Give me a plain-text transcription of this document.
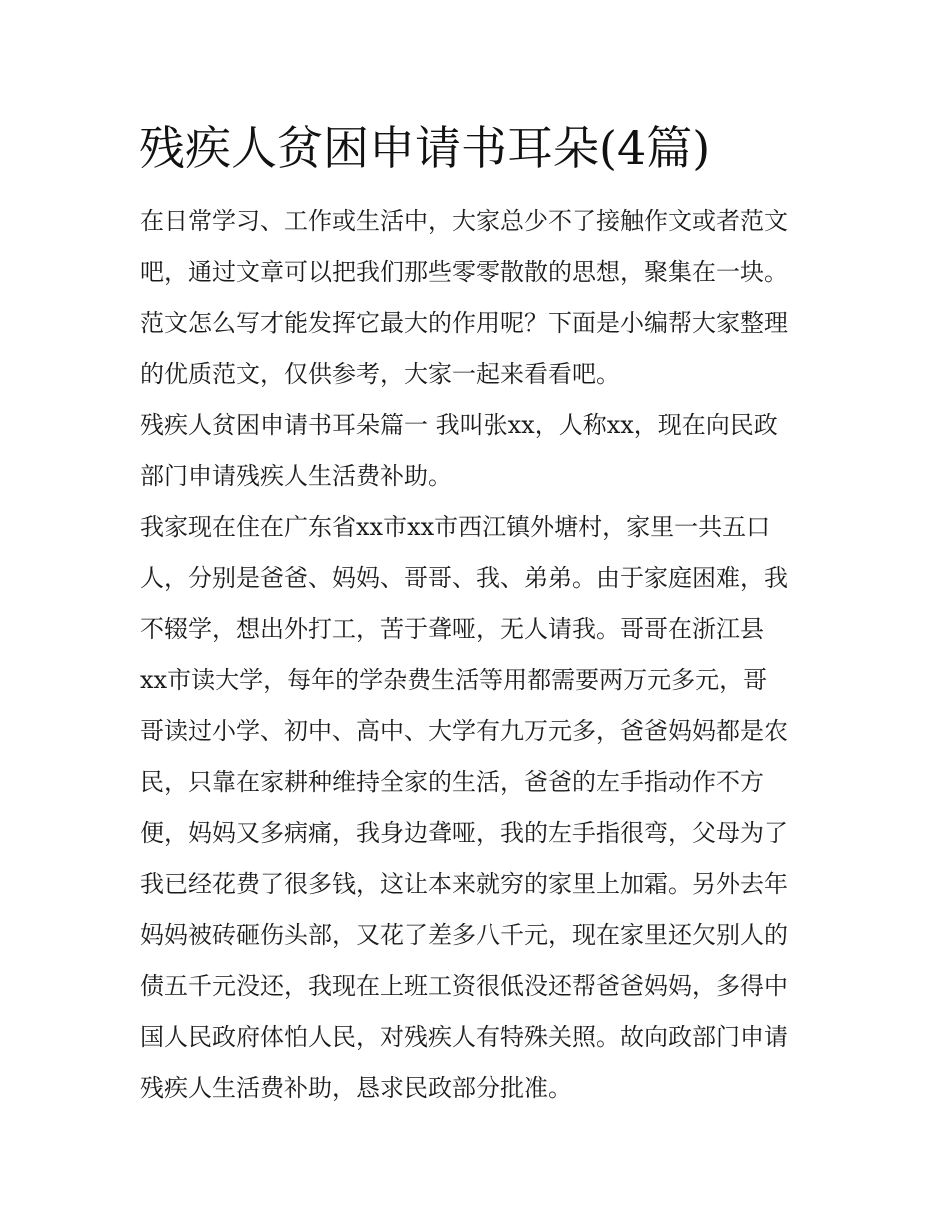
残疾人贫困申请书耳朵(4篇)

在日常学习、工作或生活中，大家总少不了接触作文或者范文
吧，通过文章可以把我们那些零零散散的思想，聚集在一块。
范文怎么写才能发挥它最大的作用呢？下面是小编帮大家整理
的优质范文，仅供参考，大家一起来看看吧。

残疾人贫困申请书耳朵篇一 我叫张xx，人称xx，现在向民政
部门申请残疾人生活费补助。

我家现在住在广东省xx市xx市西江镇外塘村，家里一共五口
人，分别是爸爸、妈妈、哥哥、我、弟弟。由于家庭困难，我
不辍学，想出外打工，苦于聋哑，无人请我。哥哥在浙江县
xx市读大学，每年的学杂费生活等用都需要两万元多元，哥
哥读过小学、初中、高中、大学有九万元多，爸爸妈妈都是农
民，只靠在家耕种维持全家的生活，爸爸的左手指动作不方
便，妈妈又多病痛，我身边聋哑，我的左手指很弯，父母为了
我已经花费了很多钱，这让本来就穷的家里上加霜。另外去年
妈妈被砖砸伤头部，又花了差多八千元，现在家里还欠别人的
债五千元没还，我现在上班工资很低没还帮爸爸妈妈，多得中
国人民政府体怕人民，对残疾人有特殊关照。故向政部门申请
残疾人生活费补助，恳求民政部分批准。
